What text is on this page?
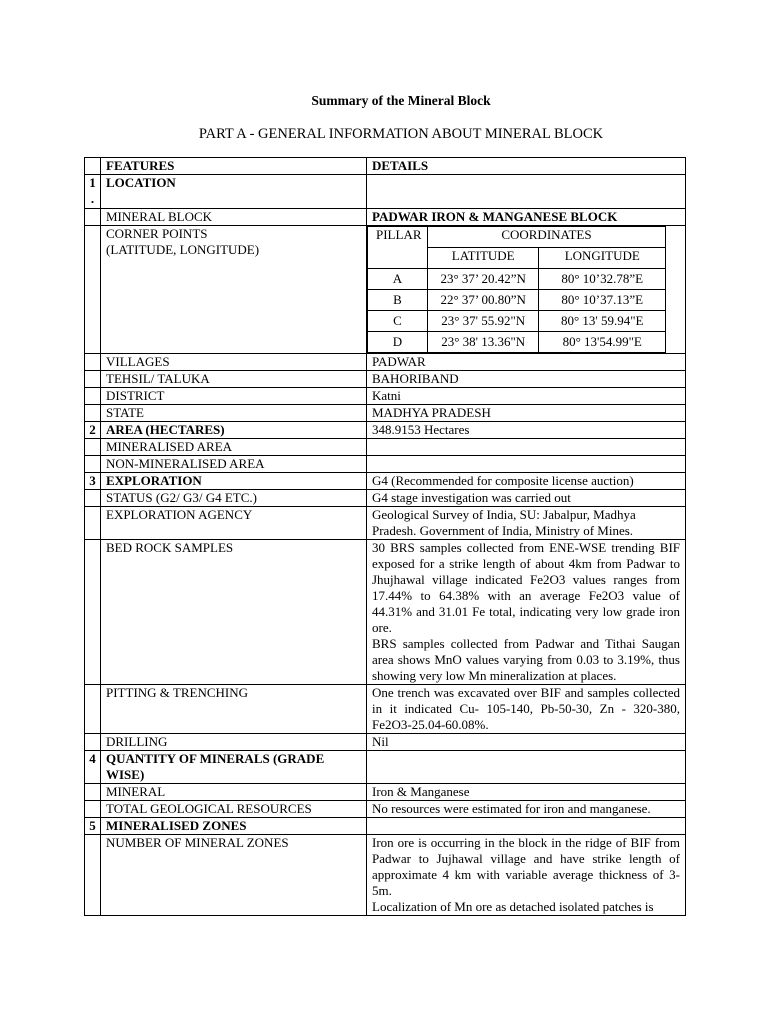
Summary of the Mineral Block
PART A - GENERAL INFORMATION ABOUT MINERAL BLOCK
	FEATURES	DETAILS
1
.	LOCATION	
	MINERAL BLOCK	PADWAR IRON & MANGANESE BLOCK
	CORNER POINTS
(LATITUDE, LONGITUDE)	
PILLAR	COORDINATES
LATITUDE	LONGITUDE
A	23° 37’ 20.42”N	80° 10’32.78”E
B	22° 37’ 00.80”N	80° 10’37.13”E
C	23° 37' 55.92"N	80° 13' 59.94"E
D	23° 38' 13.36"N	80° 13'54.99"E

	VILLAGES	PADWAR
	TEHSIL/ TALUKA	BAHORIBAND
	DISTRICT	Katni
	STATE	MADHYA PRADESH
2	AREA (HECTARES)	348.9153 Hectares
	MINERALISED AREA	
	NON-MINERALISED AREA	
3	EXPLORATION	G4 (Recommended for composite license auction)
	STATUS (G2/ G3/ G4 ETC.)	G4 stage investigation was carried out
	EXPLORATION AGENCY	Geological Survey of India, SU: Jabalpur, Madhya Pradesh. Government of India, Ministry of Mines.
	BED ROCK SAMPLES	30 BRS samples collected from ENE-WSE trending BIF exposed for a strike length of about 4km from Padwar to Jhujhawal village indicated Fe2O3 values ranges from 17.44% to 64.38% with an average Fe2O3 value of 44.31% and 31.01 Fe total, indicating very low grade iron ore.
BRS samples collected from Padwar and Tithai Saugan area shows MnO values varying from 0.03 to 3.19%, thus showing very low Mn mineralization at places.

	PITTING & TRENCHING	One trench was excavated over BIF and samples collected in it indicated Cu- 105-140, Pb-50-30, Zn - 320-380, Fe2O3-25.04-60.08%.
	DRILLING	Nil
4	QUANTITY OF MINERALS (GRADE WISE)	
	MINERAL	Iron & Manganese
	TOTAL GEOLOGICAL RESOURCES	No resources were estimated for iron and manganese.
5	MINERALISED ZONES	
	NUMBER OF MINERAL ZONES	Iron ore is occurring in the block in the ridge of BIF from Padwar to Jujhawal village and have strike length of approximate 4 km with variable average thickness of 3-5m.
Localization of Mn ore as detached isolated patches is
